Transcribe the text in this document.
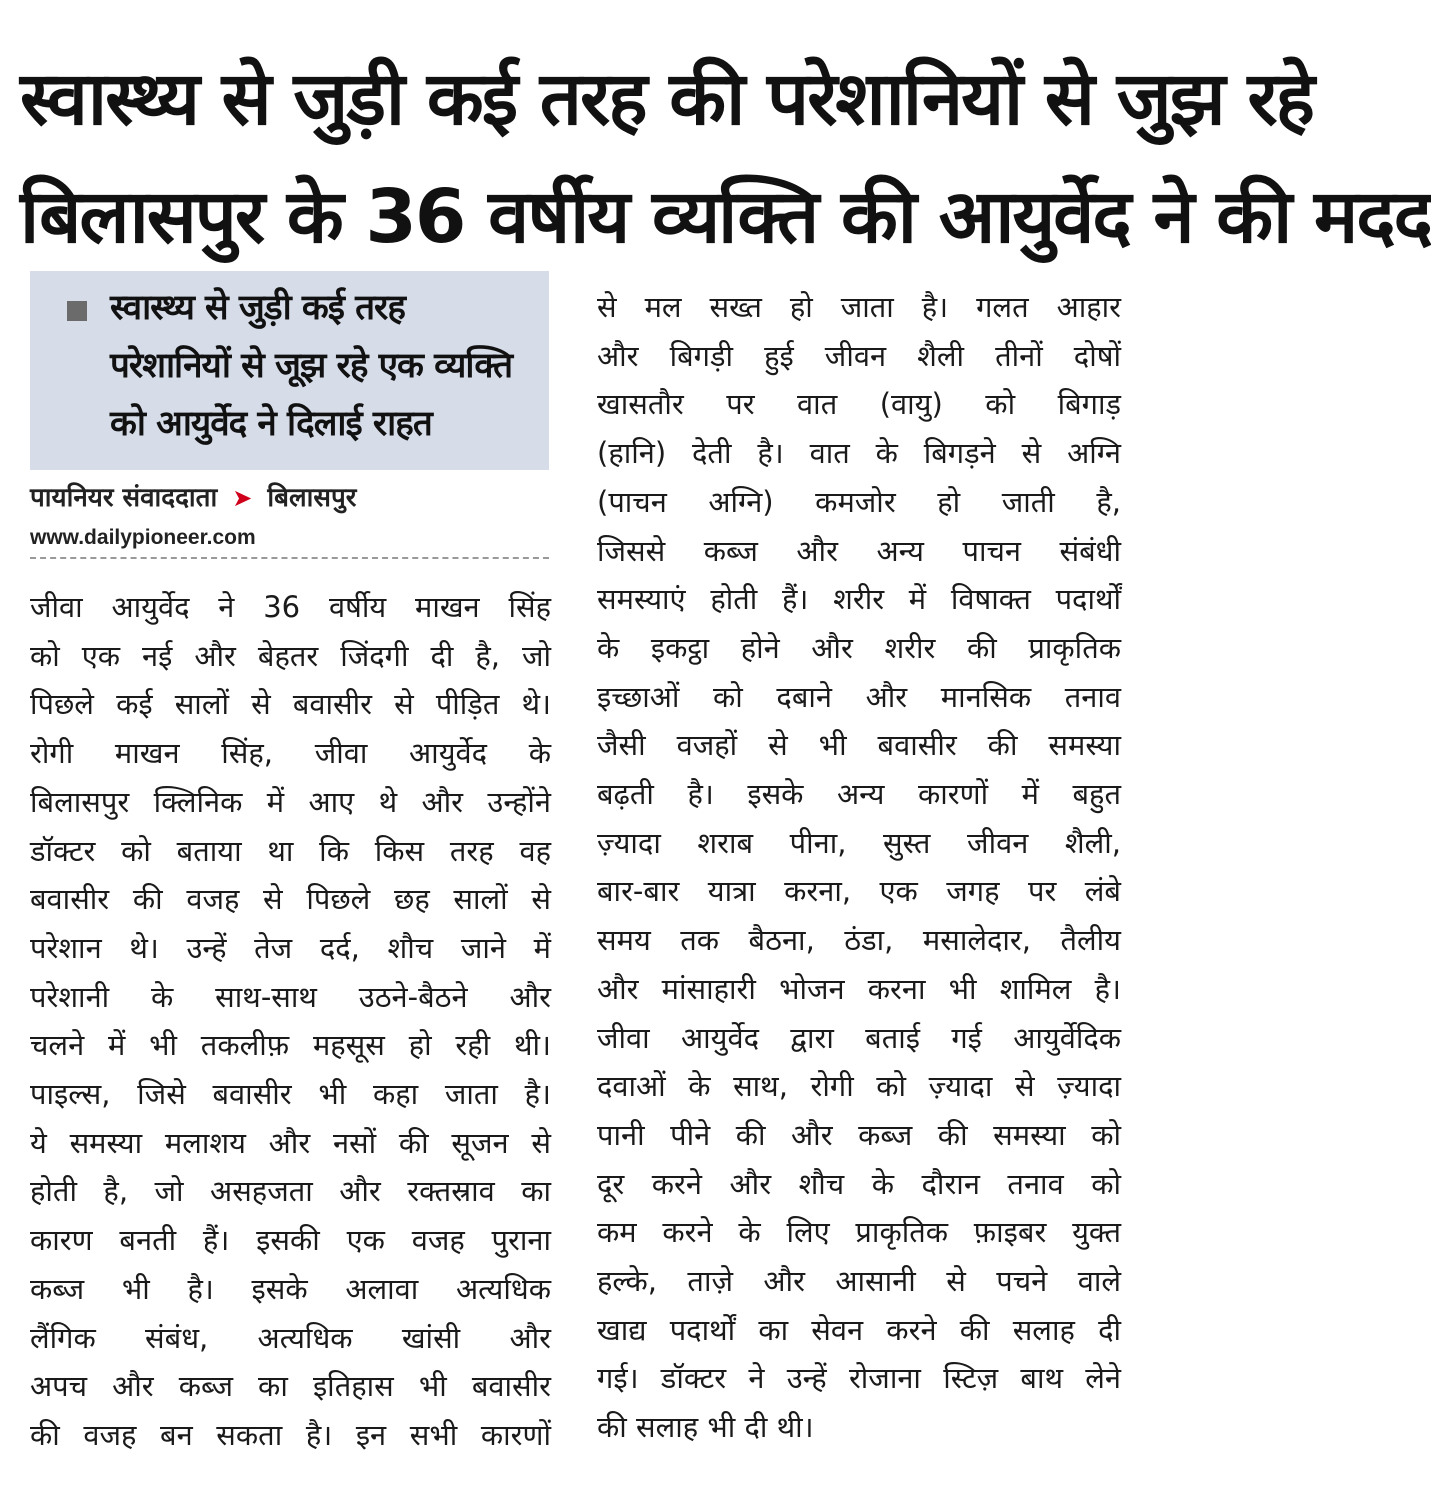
स्वास्थ्य से जुड़ी कई तरह की परेशानियों से जुझ रहे
बिलासपुर के 36 वर्षीय व्यक्ति की आयुर्वेद ने की मदद
स्वास्थ्य से जुड़ी कई तरह
परेशानियों से जूझ रहे एक व्यक्ति
को आयुर्वेद ने दिलाई राहत
पायनियर संवाददाता ➤ बिलासपुर
www.dailypioneer.com
जीवा आयुर्वेद ने 36 वर्षीय माखन सिंह
को एक नई और बेहतर जिंदगी दी है, जो
पिछले कई सालों से बवासीर से पीड़ित थे।
रोगी माखन सिंह, जीवा आयुर्वेद के
बिलासपुर क्लिनिक में आए थे और उन्होंने
डॉक्टर को बताया था कि किस तरह वह
बवासीर की वजह से पिछले छह सालों से
परेशान थे। उन्हें तेज दर्द, शौच जाने में
परेशानी के साथ-साथ उठने-बैठने और
चलने में भी तकलीफ़ महसूस हो रही थी।
पाइल्स, जिसे बवासीर भी कहा जाता है।
ये समस्या मलाशय और नसों की सूजन से
होती है, जो असहजता और रक्तस्राव का
कारण बनती हैं। इसकी एक वजह पुराना
कब्ज भी है। इसके अलावा अत्यधिक
लैंगिक संबंध, अत्यधिक खांसी और
अपच और कब्ज का इतिहास भी बवासीर
की वजह बन सकता है। इन सभी कारणों
से मल सख्त हो जाता है। गलत आहार
और बिगड़ी हुई जीवन शैली तीनों दोषों
खासतौर पर वात (वायु) को बिगाड़
(हानि) देती है। वात के बिगड़ने से अग्नि
(पाचन अग्नि) कमजोर हो जाती है,
जिससे कब्ज और अन्य पाचन संबंधी
समस्याएं होती हैं। शरीर में विषाक्त पदार्थों
के इकट्ठा होने और शरीर की प्राकृतिक
इच्छाओं को दबाने और मानसिक तनाव
जैसी वजहों से भी बवासीर की समस्या
बढ़ती है। इसके अन्य कारणों में बहुत
ज़्यादा शराब पीना, सुस्त जीवन शैली,
बार-बार यात्रा करना, एक जगह पर लंबे
समय तक बैठना, ठंडा, मसालेदार, तैलीय
और मांसाहारी भोजन करना भी शामिल है।
जीवा आयुर्वेद द्वारा बताई गई आयुर्वेदिक
दवाओं के साथ, रोगी को ज़्यादा से ज़्यादा
पानी पीने की और कब्ज की समस्या को
दूर करने और शौच के दौरान तनाव को
कम करने के लिए प्राकृतिक फ़ाइबर युक्त
हल्के, ताज़े और आसानी से पचने वाले
खाद्य पदार्थों का सेवन करने की सलाह दी
गई। डॉक्टर ने उन्हें रोजाना स्टिज़ बाथ लेने
की सलाह भी दी थी।
